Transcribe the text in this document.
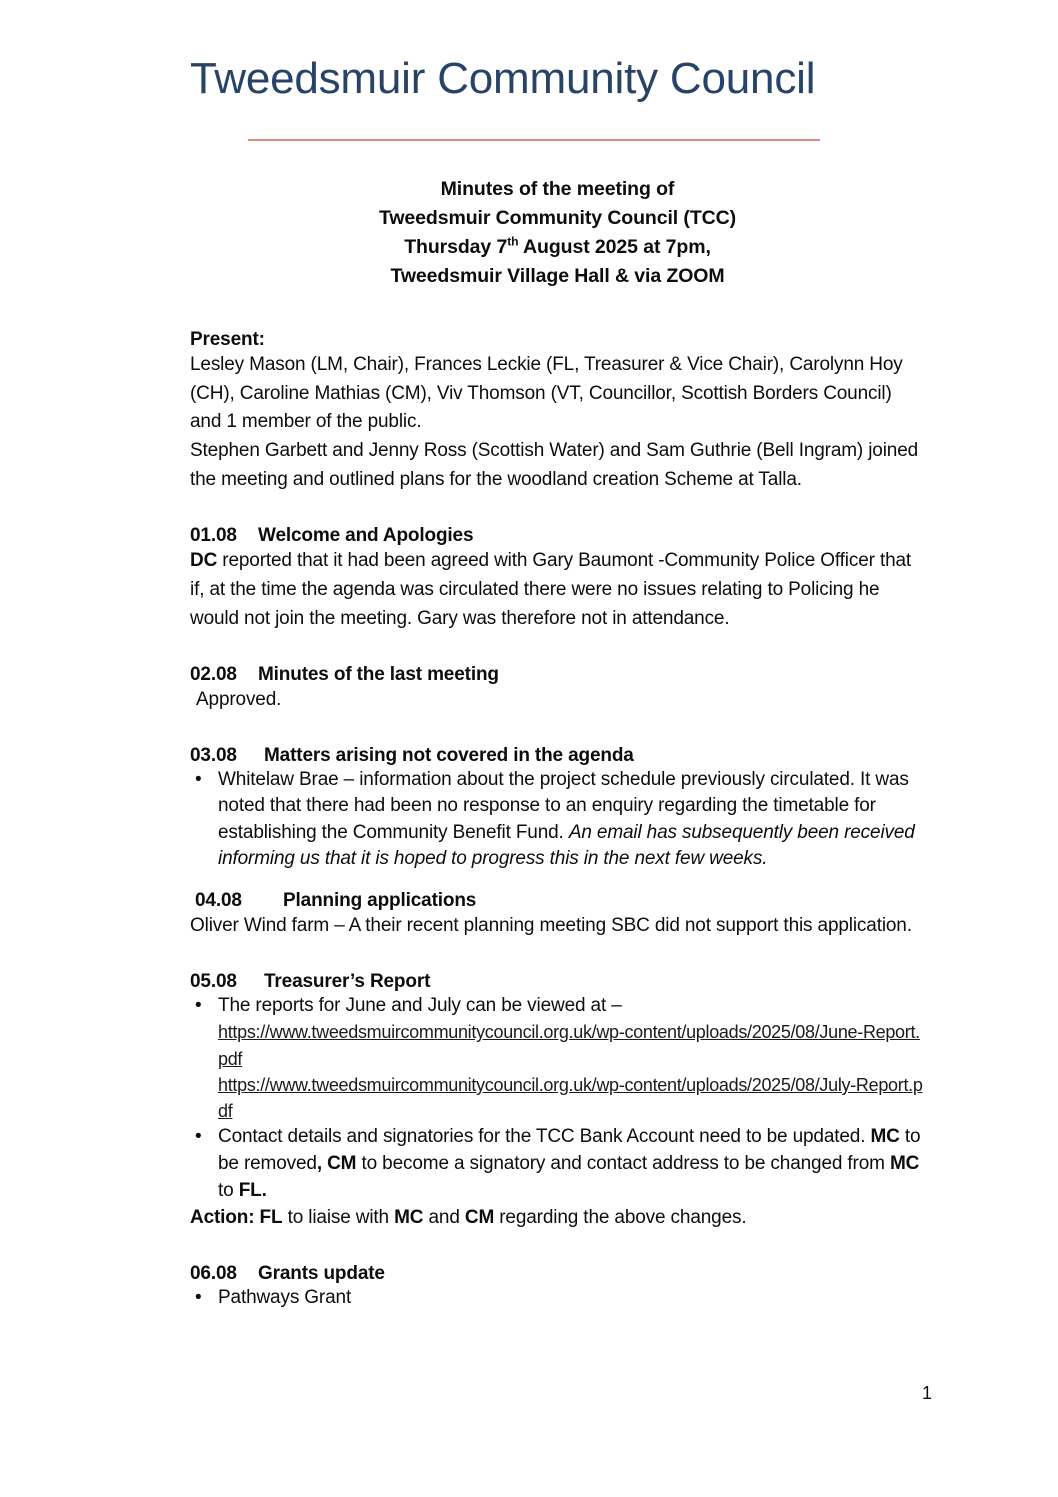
Tweedsmuir Community Council
Minutes of the meeting of
Tweedsmuir Community Council (TCC)
Thursday 7th August 2025 at 7pm,
Tweedsmuir Village Hall & via ZOOM
Present:

Lesley Mason (LM, Chair), Frances Leckie (FL, Treasurer & Vice Chair), Carolynn Hoy (CH), Caroline Mathias (CM), Viv Thomson (VT, Councillor, Scottish Borders Council) and 1 member of the public.

Stephen Garbett and Jenny Ross (Scottish Water) and Sam Guthrie (Bell Ingram) joined the meeting and outlined plans for the woodland creation Scheme at Talla.

01.08 Welcome and Apologies

DC reported that it had been agreed with Gary Baumont -Community Police Officer that if, at the time the agenda was circulated there were no issues relating to Policing he would not join the meeting. Gary was therefore not in attendance.

02.08 Minutes of the last meeting

Approved.

03.08 Matters arising not covered in the agenda
• Whitelaw Brae – information about the project schedule previously circulated. It was noted that there had been no response to an enquiry regarding the timetable for establishing the Community Benefit Fund. An email has subsequently been received informing us that it is hoped to progress this in the next few weeks.
04.08 Planning applications

Oliver Wind farm – A their recent planning meeting SBC did not support this application.

05.08 Treasurer’s Report
• The reports for June and July can be viewed at –

https://www.tweedsmuircommunitycouncil.org.uk/wp-content/uploads/2025/08/June-Report.pdf
https://www.tweedsmuircommunitycouncil.org.uk/wp-content/uploads/2025/08/July-Report.pdf

• Contact details and signatories for the TCC Bank Account need to be updated. MC to be removed, CM to become a signatory and contact address to be changed from MC to FL.

Action: FL to liaise with MC and CM regarding the above changes.

06.08 Grants update
• Pathways Grant
1
